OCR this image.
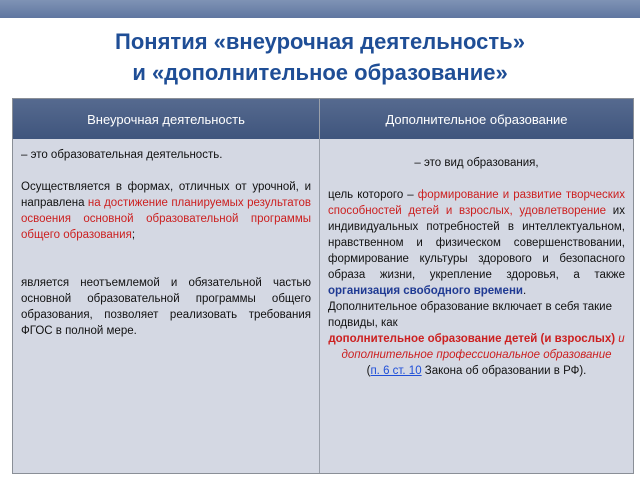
Понятия «внеурочная деятельность»
и «дополнительное образование»
Внеурочная деятельность	Дополнительное образование

– это образовательная деятельность.

Осуществляется в формах, отличных от урочной, и направлена на достижение планируемых результатов освоения основной образовательной программы общего образования;

является неотъемлемой и обязательной частью основной образовательной программы общего образования, позволяет реализовать требования ФГОС в полной мере.

– это вид образования,

цель которого – формирование и развитие творческих способностей детей и взрослых, удовлетворение их индивидуальных потребностей в интеллектуальном, нравственном и физическом совершенствовании, формирование культуры здорового и безопасного образа жизни, укрепление здоровья, а также организация свободного времени.

Дополнительное образование включает в себя такие подвиды, как

дополнительное образование детей (и взрослых) и дополнительное профессиональное образование

(п. 6 ст. 10 Закона об образовании в РФ).
